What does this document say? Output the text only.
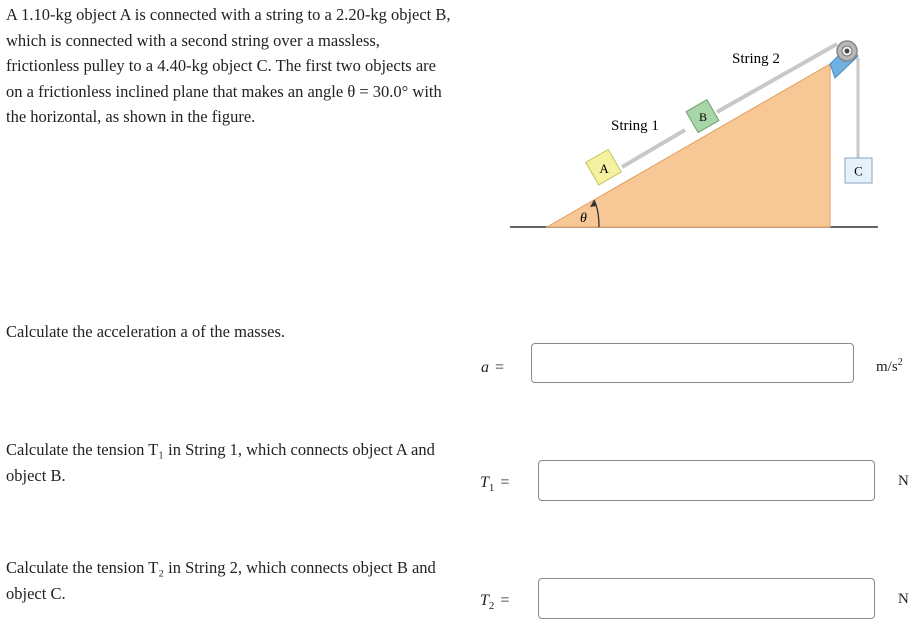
A 1.10-kg object A is connected with a string to a 2.20-kg object B, which is connected with a second string over a massless, frictionless pulley to a 4.40-kg object C. The first two objects are on a frictionless inclined plane that makes an angle θ = 30.0° with the horizontal, as shown in the figure.

A
B
C
String 1
String 2
θ

Calculate the acceleration a of the masses.

a =	$m/s^2$

Calculate the tension T₁ in String 1, which connects object A and object B.	$T_1$ =	N

Calculate the tension T₂ in String 2, which connects object B and object C.	$T_2$ =	N
